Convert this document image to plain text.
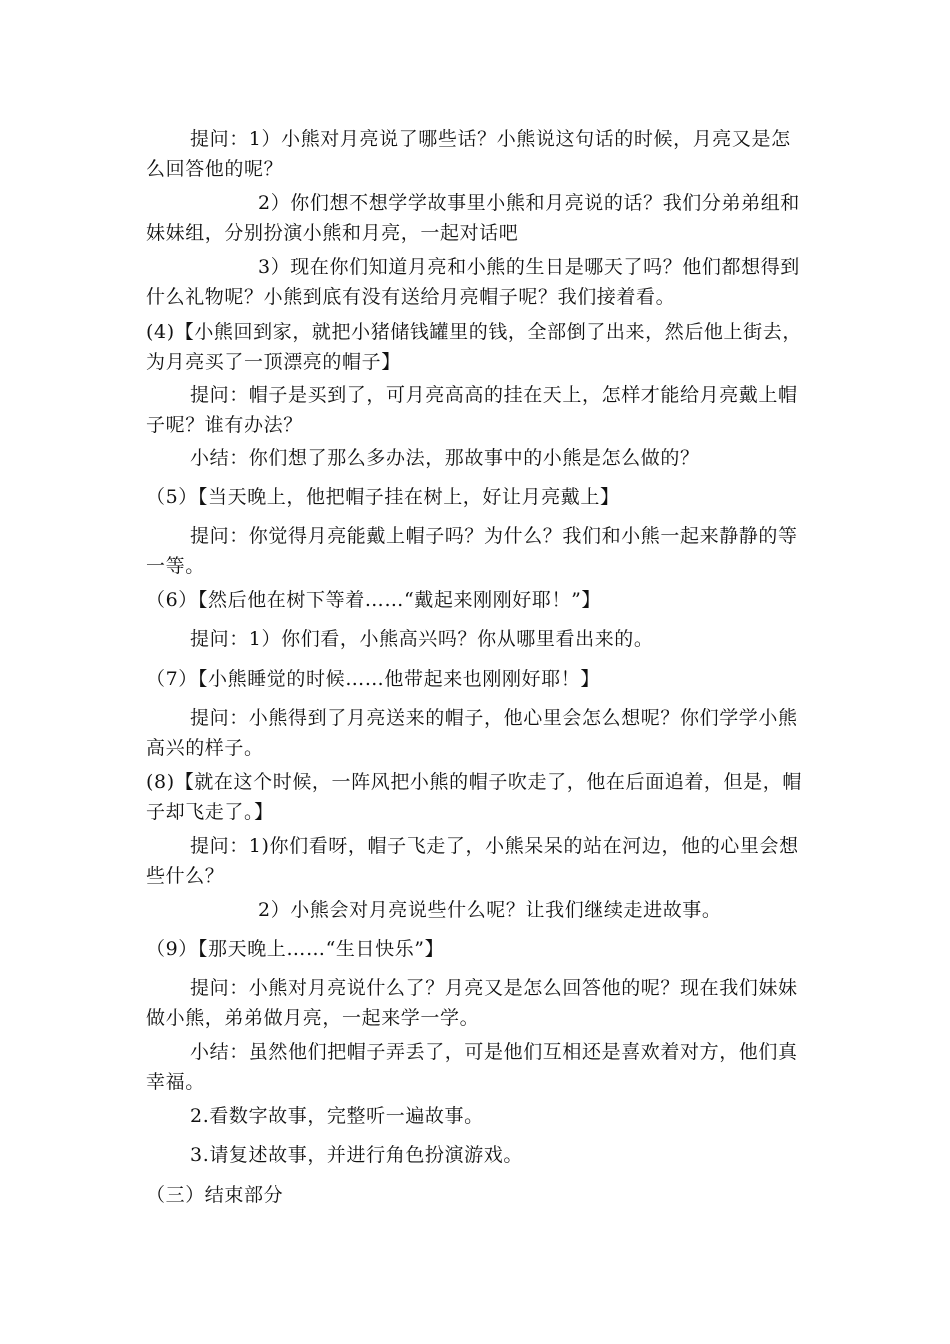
提问：1）小熊对月亮说了哪些话？小熊说这句话的时候，月亮又是怎么回答他的呢？

2）你们想不想学学故事里小熊和月亮说的话？我们分弟弟组和妹妹组，分别扮演小熊和月亮，一起对话吧

3）现在你们知道月亮和小熊的生日是哪天了吗？他们都想得到什么礼物呢？小熊到底有没有送给月亮帽子呢？我们接着看。

(4)【小熊回到家，就把小猪储钱罐里的钱，全部倒了出来，然后他上街去，为月亮买了一顶漂亮的帽子】

提问：帽子是买到了，可月亮高高的挂在天上，怎样才能给月亮戴上帽子呢？谁有办法？

小结：你们想了那么多办法，那故事中的小熊是怎么做的？

（5）【当天晚上，他把帽子挂在树上，好让月亮戴上】

提问：你觉得月亮能戴上帽子吗？为什么？我们和小熊一起来静静的等一等。

（6）【然后他在树下等着……“戴起来刚刚好耶！”】

提问：1）你们看，小熊高兴吗？你从哪里看出来的。

（7）【小熊睡觉的时候……他带起来也刚刚好耶！】

提问：小熊得到了月亮送来的帽子，他心里会怎么想呢？你们学学小熊高兴的样子。

(8)【就在这个时候，一阵风把小熊的帽子吹走了，他在后面追着，但是，帽子却飞走了。】

提问：1)你们看呀，帽子飞走了，小熊呆呆的站在河边，他的心里会想些什么？

2）小熊会对月亮说些什么呢？让我们继续走进故事。

（9）【那天晚上……“生日快乐”】

提问：小熊对月亮说什么了？月亮又是怎么回答他的呢？现在我们妹妹做小熊，弟弟做月亮，一起来学一学。

小结：虽然他们把帽子弄丢了，可是他们互相还是喜欢着对方，他们真幸福。

2.看数字故事，完整听一遍故事。

3.请复述故事，并进行角色扮演游戏。

（三）结束部分
